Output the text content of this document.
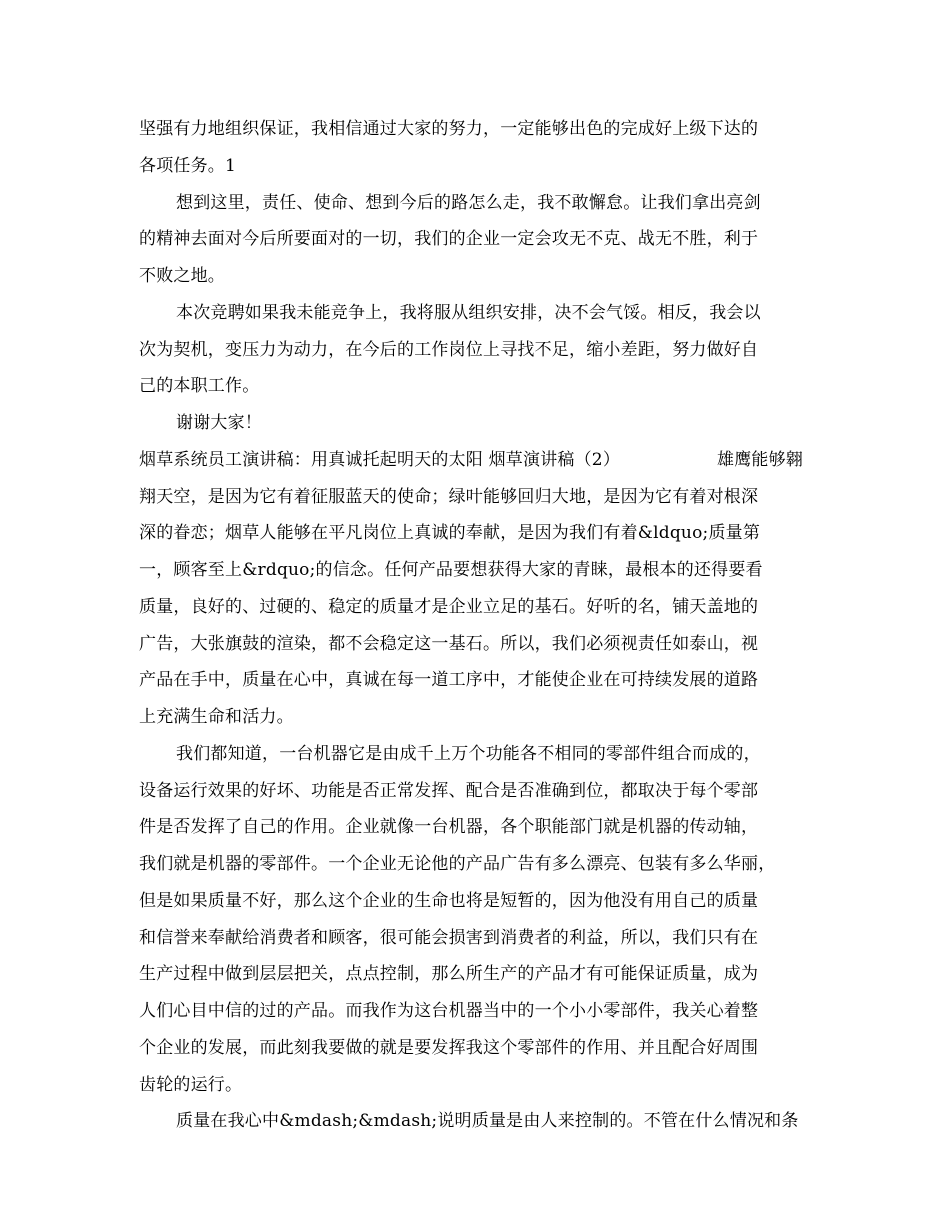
坚强有力地组织保证，我相信通过大家的努力，一定能够出色的完成好上级下达的
各项任务。1
想到这里，责任、使命、想到今后的路怎么走，我不敢懈怠。让我们拿出亮剑
的精神去面对今后所要面对的一切，我们的企业一定会攻无不克、战无不胜，利于
不败之地。
本次竞聘如果我未能竞争上，我将服从组织安排，决不会气馁。相反，我会以
次为契机，变压力为动力，在今后的工作岗位上寻找不足，缩小差距，努力做好自
己的本职工作。
谢谢大家！
烟草系统员工演讲稿：用真诚托起明天的太阳 烟草演讲稿（2）	雄鹰能够翱
翔天空，是因为它有着征服蓝天的使命；绿叶能够回归大地，是因为它有着对根深
深的眷恋；烟草人能够在平凡岗位上真诚的奉献，是因为我们有着&ldquo;质量第
一，顾客至上&rdquo;的信念。任何产品要想获得大家的青睐，最根本的还得要看
质量，良好的、过硬的、稳定的质量才是企业立足的基石。好听的名，铺天盖地的
广告，大张旗鼓的渲染，都不会稳定这一基石。所以，我们必须视责任如泰山，视
产品在手中，质量在心中，真诚在每一道工序中，才能使企业在可持续发展的道路
上充满生命和活力。
我们都知道，一台机器它是由成千上万个功能各不相同的零部件组合而成的，
设备运行效果的好坏、功能是否正常发挥、配合是否准确到位，都取决于每个零部
件是否发挥了自己的作用。企业就像一台机器，各个职能部门就是机器的传动轴，
我们就是机器的零部件。一个企业无论他的产品广告有多么漂亮、包装有多么华丽，
但是如果质量不好，那么这个企业的生命也将是短暂的，因为他没有用自己的质量
和信誉来奉献给消费者和顾客，很可能会损害到消费者的利益，所以，我们只有在
生产过程中做到层层把关，点点控制，那么所生产的产品才有可能保证质量，成为
人们心目中信的过的产品。而我作为这台机器当中的一个小小零部件，我关心着整
个企业的发展，而此刻我要做的就是要发挥我这个零部件的作用、并且配合好周围
齿轮的运行。
质量在我心中&mdash;&mdash;说明质量是由人来控制的。不管在什么情况和条
